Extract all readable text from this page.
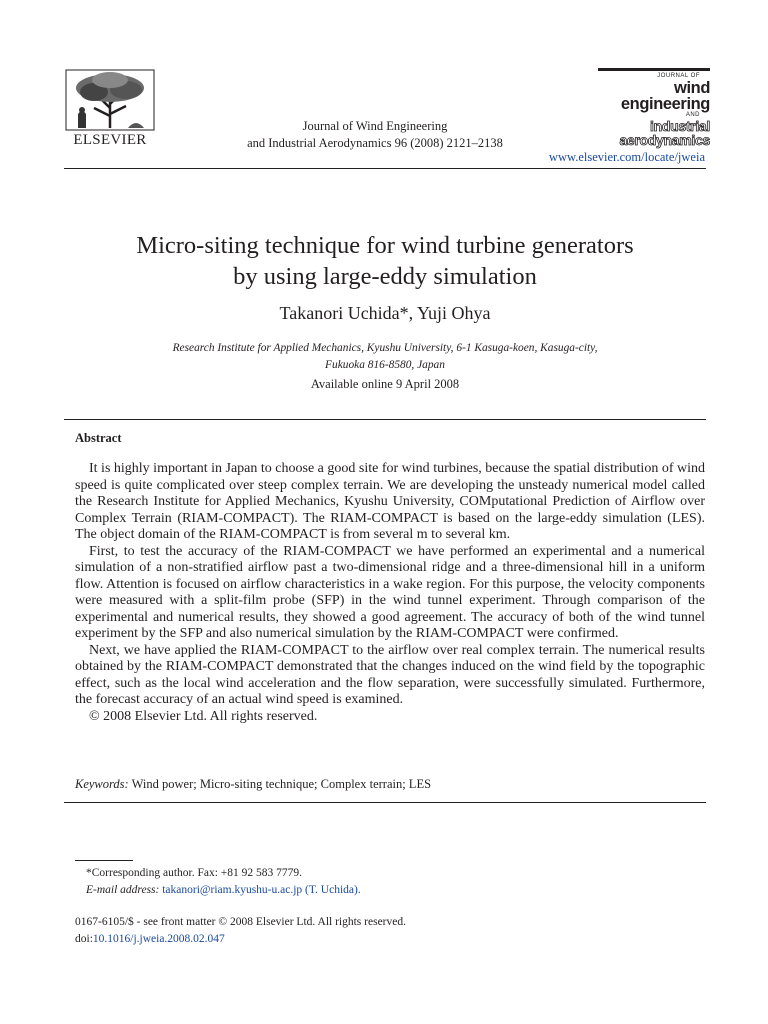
ELSEVIER
Journal of Wind Engineering
and Industrial Aerodynamics 96 (2008) 2121–2138
JOURNAL OF
wind engineering
AND
industrial
aerodynamics
www.elsevier.com/locate/jweia
Micro-siting technique for wind turbine generators
by using large-eddy simulation
Takanori Uchida*, Yuji Ohya
Research Institute for Applied Mechanics, Kyushu University, 6-1 Kasuga-koen, Kasuga-city,
Fukuoka 816-8580, Japan
Available online 9 April 2008
Abstract

It is highly important in Japan to choose a good site for wind turbines, because the spatial distribution of wind speed is quite complicated over steep complex terrain. We are developing the unsteady numerical model called the Research Institute for Applied Mechanics, Kyushu University, COMputational Prediction of Airflow over Complex Terrain (RIAM-COMPACT). The RIAM-COMPACT is based on the large-eddy simulation (LES). The object domain of the RIAM-COMPACT is from several m to several km.

First, to test the accuracy of the RIAM-COMPACT we have performed an experimental and a numerical simulation of a non-stratified airflow past a two-dimensional ridge and a three-dimensional hill in a uniform flow. Attention is focused on airflow characteristics in a wake region. For this purpose, the velocity components were measured with a split-film probe (SFP) in the wind tunnel experiment. Through comparison of the experimental and numerical results, they showed a good agreement. The accuracy of both of the wind tunnel experiment by the SFP and also numerical simulation by the RIAM-COMPACT were confirmed.

Next, we have applied the RIAM-COMPACT to the airflow over real complex terrain. The numerical results obtained by the RIAM-COMPACT demonstrated that the changes induced on the wind field by the topographic effect, such as the local wind acceleration and the flow separation, were successfully simulated. Furthermore, the forecast accuracy of an actual wind speed is examined.

© 2008 Elsevier Ltd. All rights reserved.

Keywords: Wind power; Micro-siting technique; Complex terrain; LES
*Corresponding author. Fax: +81 92 583 7779.
E-mail address: takanori@riam.kyushu-u.ac.jp (T. Uchida).
0167-6105/$ - see front matter © 2008 Elsevier Ltd. All rights reserved.
doi:10.1016/j.jweia.2008.02.047
